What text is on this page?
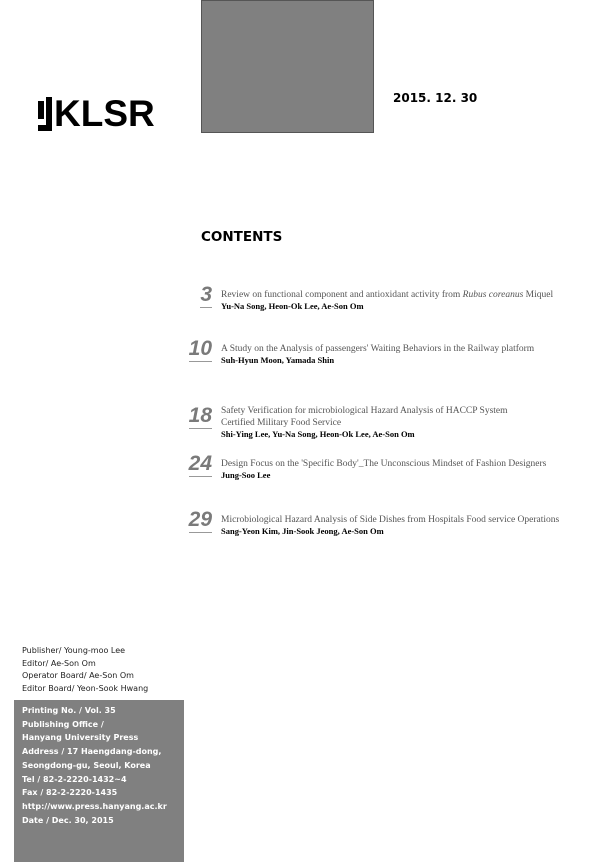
KLSR	2015. 12. 30
CONTENTS
3 Review on functional component and antioxidant activity from Rubus coreanus Miquel
Yu-Na Song, Heon-Ok Lee, Ae-Son Om
10 A Study on the Analysis of passengers' Waiting Behaviors in the Railway platform
Suh-Hyun Moon, Yamada Shin
18 Safety Verification for microbiological Hazard Analysis of HACCP System
Certified Military Food Service
Shi-Ying Lee, Yu-Na Song, Heon-Ok Lee, Ae-Son Om
24 Design Focus on the 'Specific Body'_The Unconscious Mindset of Fashion Designers
Jung-Soo Lee
29 Microbiological Hazard Analysis of Side Dishes from Hospitals Food service Operations
Sang-Yeon Kim, Jin-Sook Jeong, Ae-Son Om
Publisher/ Young-moo Lee
Editor/ Ae-Son Om
Operator Board/ Ae-Son Om
Editor Board/ Yeon-Sook Hwang
Printing No. / Vol. 35
Publishing Office /
Hanyang University Press
Address / 17 Haengdang-dong,
Seongdong-gu, Seoul, Korea
Tel / 82-2-2220-1432~4
Fax / 82-2-2220-1435
http://www.press.hanyang.ac.kr
Date / Dec. 30, 2015
